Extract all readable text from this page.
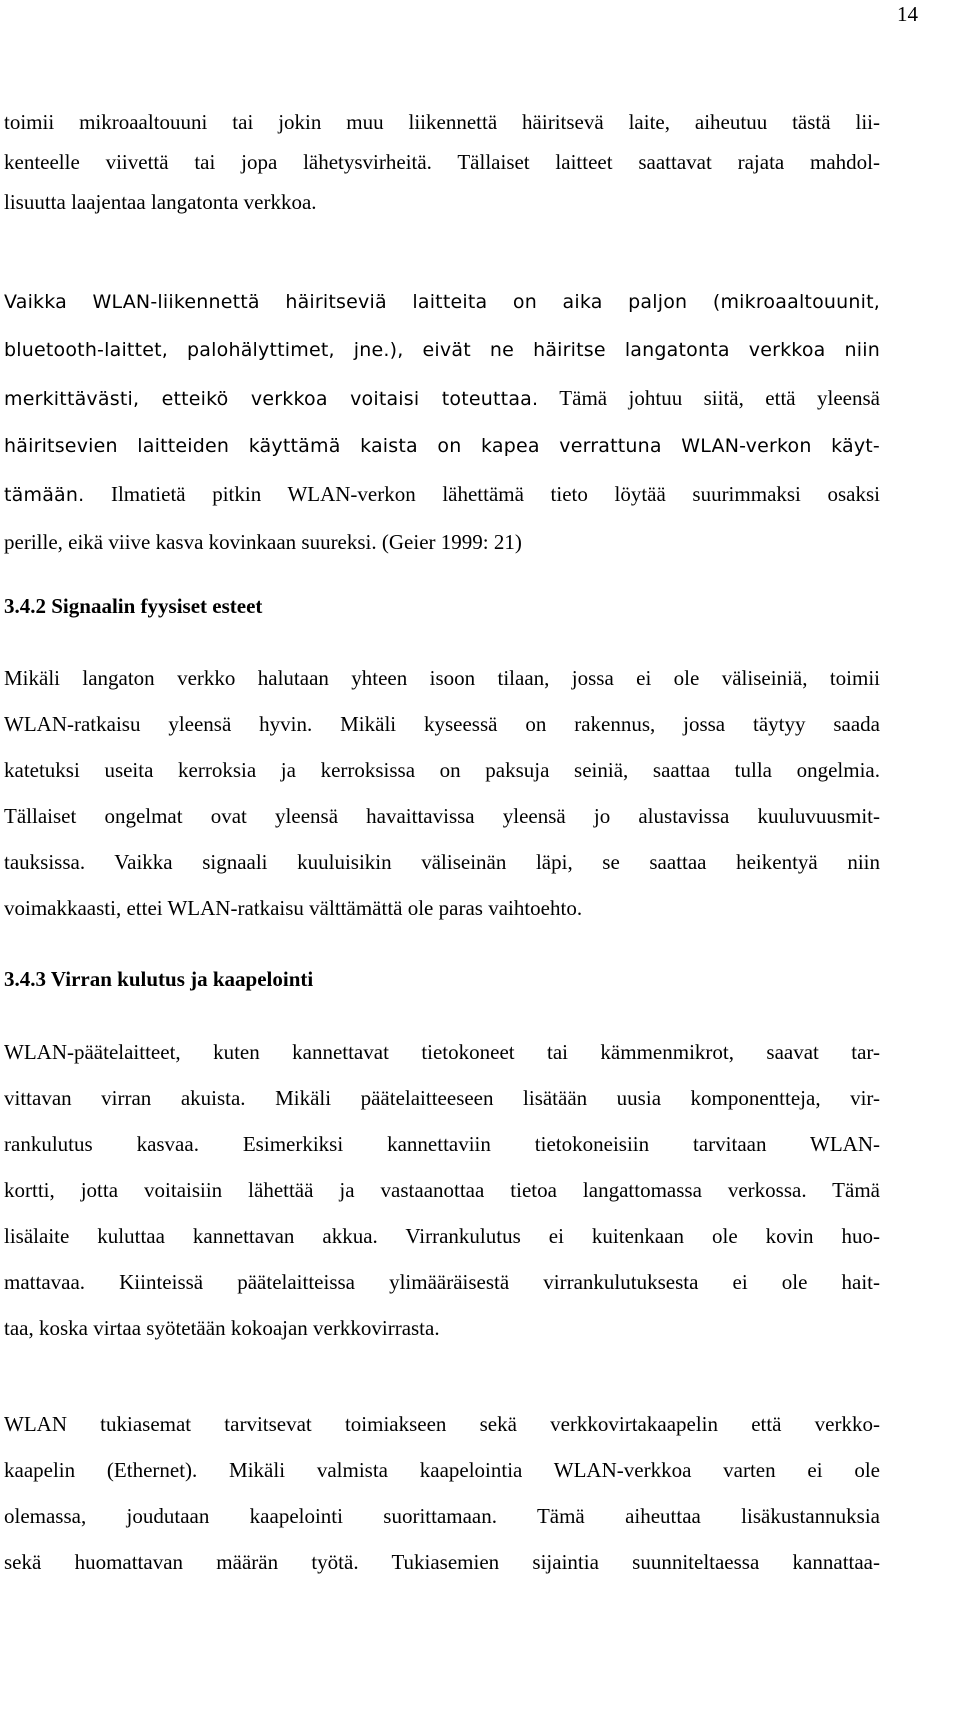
14
toimii mikroaaltouuni tai jokin muu liikennettä häiritsevä laite, aiheutuu tästä lii-
kenteelle viivettä tai jopa lähetysvirheitä. Tällaiset laitteet saattavat rajata mahdol-
lisuutta laajentaa langatonta verkkoa.
Vaikka WLAN-liikennettä häiritseviä laitteita on aika paljon (mikroaaltouunit,
bluetooth-laittet, palohälyttimet, jne.), eivät ne häiritse langatonta verkkoa niin
merkittävästi, etteikö verkkoa voitaisi toteuttaa. Tämä johtuu siitä, että yleensä
häiritsevien laitteiden käyttämä kaista on kapea verrattuna WLAN-verkon käyt-
tämään. Ilmatietä pitkin WLAN-verkon lähettämä tieto löytää suurimmaksi osaksi
perille, eikä viive kasva kovinkaan suureksi. (Geier 1999: 21)
3.4.2 Signaalin fyysiset esteet
Mikäli langaton verkko halutaan yhteen isoon tilaan, jossa ei ole väliseiniä, toimii
WLAN-ratkaisu yleensä hyvin. Mikäli kyseessä on rakennus, jossa täytyy saada
katetuksi useita kerroksia ja kerroksissa on paksuja seiniä, saattaa tulla ongelmia.
Tällaiset ongelmat ovat yleensä havaittavissa yleensä jo alustavissa kuuluvuusmit-
tauksissa. Vaikka signaali kuuluisikin väliseinän läpi, se saattaa heikentyä niin
voimakkaasti, ettei WLAN-ratkaisu välttämättä ole paras vaihtoehto.
3.4.3 Virran kulutus ja kaapelointi
WLAN-päätelaitteet, kuten kannettavat tietokoneet tai kämmenmikrot, saavat tar-
vittavan virran akuista. Mikäli päätelaitteeseen lisätään uusia komponentteja, vir-
rankulutus kasvaa. Esimerkiksi kannettaviin tietokoneisiin tarvitaan WLAN-
kortti, jotta voitaisiin lähettää ja vastaanottaa tietoa langattomassa verkossa. Tämä
lisälaite kuluttaa kannettavan akkua. Virrankulutus ei kuitenkaan ole kovin huo-
mattavaa. Kiinteissä päätelaitteissa ylimääräisestä virrankulutuksesta ei ole hait-
taa, koska virtaa syötetään kokoajan verkkovirrasta.
WLAN tukiasemat tarvitsevat toimiakseen sekä verkkovirtakaapelin että verkko-
kaapelin (Ethernet). Mikäli valmista kaapelointia WLAN-verkkoa varten ei ole
olemassa, joudutaan kaapelointi suorittamaan. Tämä aiheuttaa lisäkustannuksia
sekä huomattavan määrän työtä. Tukiasemien sijaintia suunniteltaessa kannattaa-
